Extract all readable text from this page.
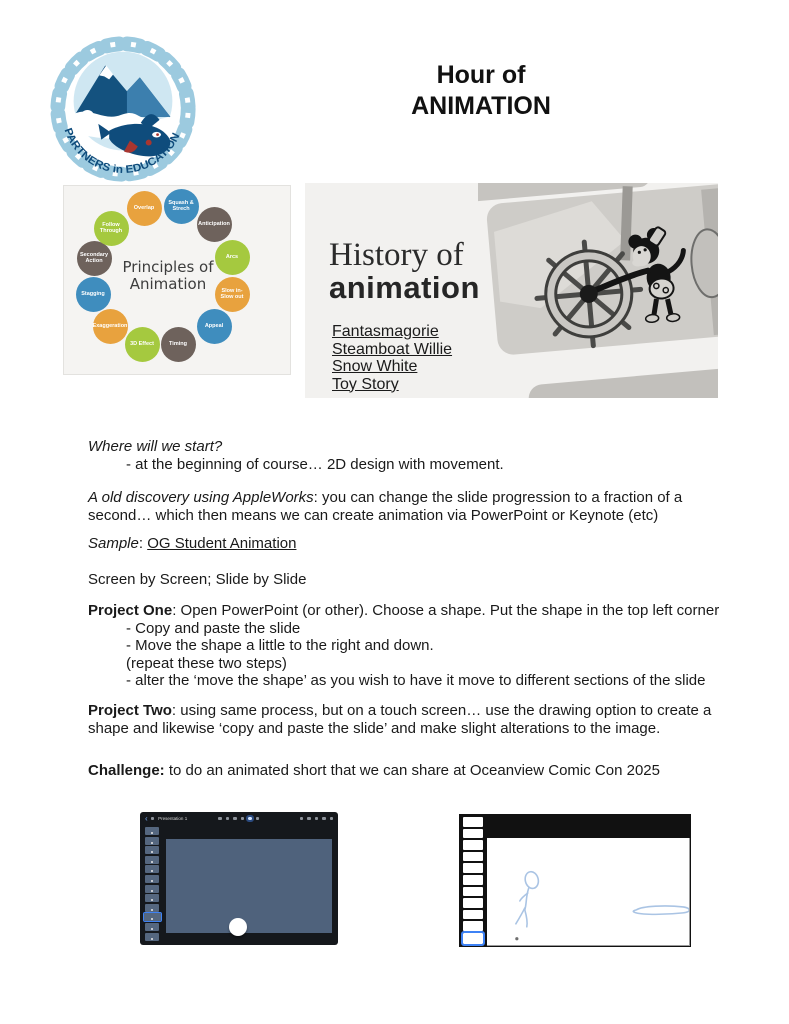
PARTNERS in EDUCATION
Hour of
ANIMATION
Principles of
Animation
Overlap
Squash & Strech
Anticipation
Arcs
Slow in- Slow out
Appeal
Timing
3D Effect
Exaggeration
Stagging
Secondary Action
Follow Through
History of
animation
Fantasmagorie
Steamboat Willie
Snow White
Toy Story
Where will we start?
- at the beginning of course… 2D design with movement.
A old discovery using AppleWorks: you can change the slide progression to a fraction of a
second… which then means we can create animation via PowerPoint or Keynote (etc)
Sample: OG Student Animation
Screen by Screen; Slide by Slide
Project One: Open PowerPoint (or other). Choose a shape. Put the shape in the top left corner
- Copy and paste the slide
- Move the shape a little to the right and down.
(repeat these two steps)
- alter the ‘move the shape’ as you wish to have it move to different sections of the slide
Project Two: using same process, but on a touch screen… use the drawing option to create a
shape and likewise ‘copy and paste the slide’ and make slight alterations to the image.
Challenge: to do an animated short that we can share at Oceanview Comic Con 2025
‹ Presentation 1
